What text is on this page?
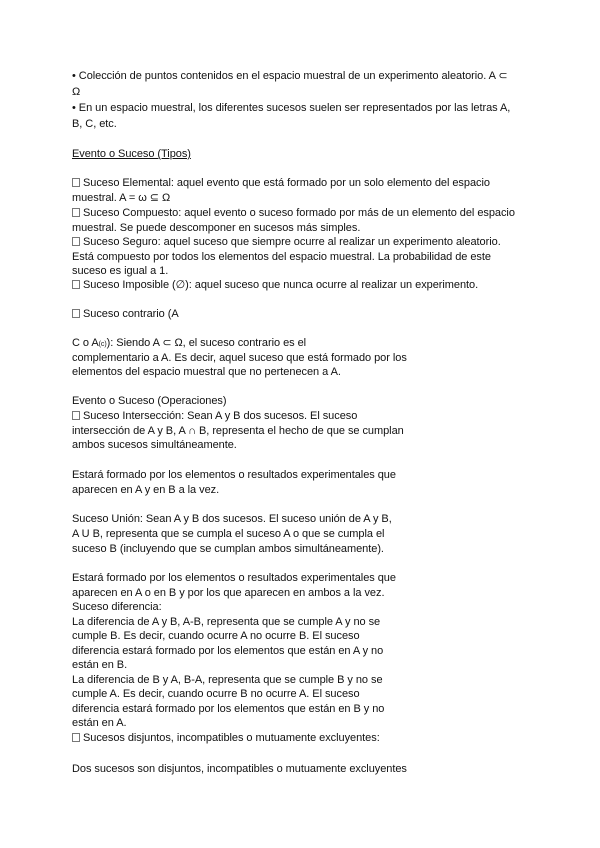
• Colección de puntos contenidos en el espacio muestral de un experimento aleatorio. A ⊂
Ω
• En un espacio muestral, los diferentes sucesos suelen ser representados por las letras A,
B, C, etc.
Evento o Suceso (Tipos)
Suceso Elemental: aquel evento que está formado por un solo elemento del espacio
muestral. A = ω ⊆ Ω
Suceso Compuesto: aquel evento o suceso formado por más de un elemento del espacio
muestral. Se puede descomponer en sucesos más simples.
Suceso Seguro: aquel suceso que siempre ocurre al realizar un experimento aleatorio.
Está compuesto por todos los elementos del espacio muestral. La probabilidad de este
suceso es igual a 1.
Suceso Imposible (∅): aquel suceso que nunca ocurre al realizar un experimento.
Suceso contrario (A
C o A(c)): Siendo A ⊂ Ω, el suceso contrario es el
complementario a A. Es decir, aquel suceso que está formado por los
elementos del espacio muestral que no pertenecen a A.
Evento o Suceso (Operaciones)
Suceso Intersección: Sean A y B dos sucesos. El suceso
intersección de A y B, A ∩ B, representa el hecho de que se cumplan
ambos sucesos simultáneamente.
Estará formado por los elementos o resultados experimentales que
aparecen en A y en B a la vez.
Suceso Unión: Sean A y B dos sucesos. El suceso unión de A y B,
A U B, representa que se cumpla el suceso A o que se cumpla el
suceso B (incluyendo que se cumplan ambos simultáneamente).
Estará formado por los elementos o resultados experimentales que
aparecen en A o en B y por los que aparecen en ambos a la vez.
Suceso diferencia:
La diferencia de A y B, A-B, representa que se cumple A y no se
cumple B. Es decir, cuando ocurre A no ocurre B. El suceso
diferencia estará formado por los elementos que están en A y no
están en B.
La diferencia de B y A, B-A, representa que se cumple B y no se
cumple A. Es decir, cuando ocurre B no ocurre A. El suceso
diferencia estará formado por los elementos que están en B y no
están en A.
Sucesos disjuntos, incompatibles o mutuamente excluyentes:
Dos sucesos son disjuntos, incompatibles o mutuamente excluyentes
